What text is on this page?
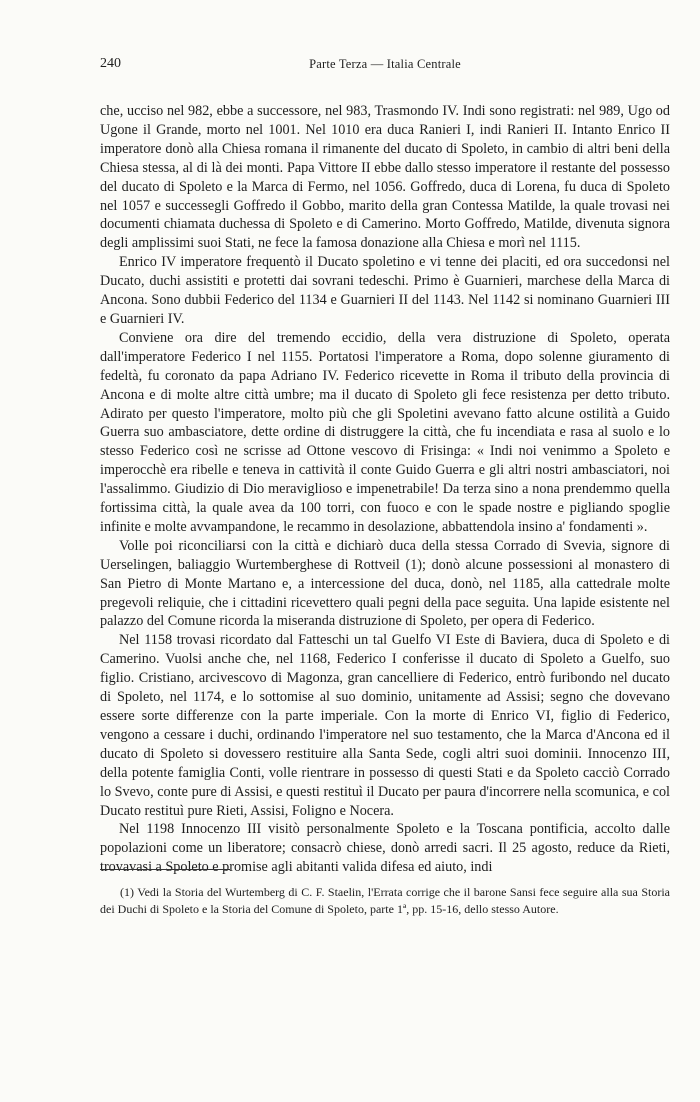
240	Parte Terza — Italia Centrale

che, ucciso nel 982, ebbe a successore, nel 983, Trasmondo IV. Indi sono registrati: nel 989, Ugo od Ugone il Grande, morto nel 1001. Nel 1010 era duca Ranieri I, indi Ranieri II. Intanto Enrico II imperatore donò alla Chiesa romana il rimanente del ducato di Spoleto, in cambio di altri beni della Chiesa stessa, al di là dei monti. Papa Vittore II ebbe dallo stesso imperatore il restante del possesso del ducato di Spoleto e la Marca di Fermo, nel 1056. Goffredo, duca di Lorena, fu duca di Spoleto nel 1057 e successegli Goffredo il Gobbo, marito della gran Contessa Matilde, la quale trovasi nei documenti chiamata duchessa di Spoleto e di Camerino. Morto Goffredo, Matilde, divenuta signora degli amplissimi suoi Stati, ne fece la famosa donazione alla Chiesa e morì nel 1115.

Enrico IV imperatore frequentò il Ducato spoletino e vi tenne dei placiti, ed ora succedonsi nel Ducato, duchi assistiti e protetti dai sovrani tedeschi. Primo è Guarnieri, marchese della Marca di Ancona. Sono dubbii Federico del 1134 e Guarnieri II del 1143. Nel 1142 si nominano Guarnieri III e Guarnieri IV.

Conviene ora dire del tremendo eccidio, della vera distruzione di Spoleto, operata dall'imperatore Federico I nel 1155. Portatosi l'imperatore a Roma, dopo solenne giuramento di fedeltà, fu coronato da papa Adriano IV. Federico ricevette in Roma il tributo della provincia di Ancona e di molte altre città umbre; ma il ducato di Spoleto gli fece resistenza per detto tributo. Adirato per questo l'imperatore, molto più che gli Spoletini avevano fatto alcune ostilità a Guido Guerra suo ambasciatore, dette ordine di distruggere la città, che fu incendiata e rasa al suolo e lo stesso Federico così ne scrisse ad Ottone vescovo di Frisinga: « Indi noi venimmo a Spoleto e imperocchè era ribelle e teneva in cattività il conte Guido Guerra e gli altri nostri ambasciatori, noi l'assalimmo. Giudizio di Dio meraviglioso e impenetrabile! Da terza sino a nona prendemmo quella fortissima città, la quale avea da 100 torri, con fuoco e con le spade nostre e pigliando spoglie infinite e molte avvampandone, le recammo in desolazione, abbattendola insino a' fondamenti ».

Volle poi riconciliarsi con la città e dichiarò duca della stessa Corrado di Svevia, signore di Uerselingen, baliaggio Wurtemberghese di Rottveil (1); donò alcune possessioni al monastero di San Pietro di Monte Martano e, a intercessione del duca, donò, nel 1185, alla cattedrale molte pregevoli reliquie, che i cittadini ricevettero quali pegni della pace seguita. Una lapide esistente nel palazzo del Comune ricorda la miseranda distruzione di Spoleto, per opera di Federico.

Nel 1158 trovasi ricordato dal Fatteschi un tal Guelfo VI Este di Baviera, duca di Spoleto e di Camerino. Vuolsi anche che, nel 1168, Federico I conferisse il ducato di Spoleto a Guelfo, suo figlio. Cristiano, arcivescovo di Magonza, gran cancelliere di Federico, entrò furibondo nel ducato di Spoleto, nel 1174, e lo sottomise al suo dominio, unitamente ad Assisi; segno che dovevano essere sorte differenze con la parte imperiale. Con la morte di Enrico VI, figlio di Federico, vengono a cessare i duchi, ordinando l'imperatore nel suo testamento, che la Marca d'Ancona ed il ducato di Spoleto si dovessero restituire alla Santa Sede, cogli altri suoi dominii. Innocenzo III, della potente famiglia Conti, volle rientrare in possesso di questi Stati e da Spoleto cacciò Corrado lo Svevo, conte pure di Assisi, e questi restituì il Ducato per paura d'incorrere nella scomunica, e col Ducato restituì pure Rieti, Assisi, Foligno e Nocera.

Nel 1198 Innocenzo III visitò personalmente Spoleto e la Toscana pontificia, accolto dalle popolazioni come un liberatore; consacrò chiese, donò arredi sacri. Il 25 agosto, reduce da Rieti, trovavasi a Spoleto e promise agli abitanti valida difesa ed aiuto, indi

(1) Vedi la Storia del Wurtemberg di C. F. Staelin, l'Errata corrige che il barone Sansi fece seguire alla sua Storia dei Duchi di Spoleto e la Storia del Comune di Spoleto, parte 1ª, pp. 15-16, dello stesso Autore.
